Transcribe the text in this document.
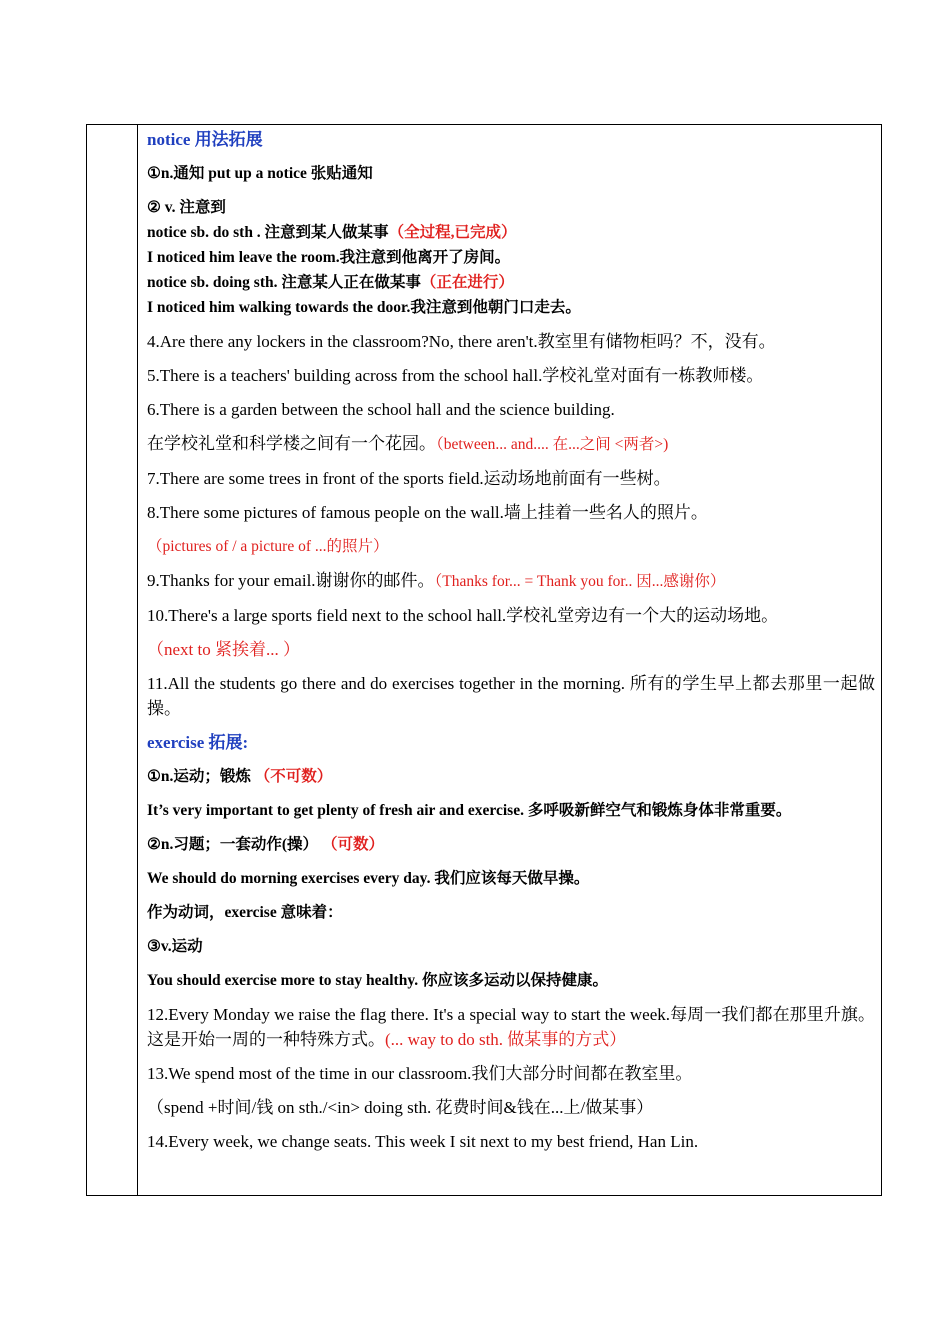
notice 用法拓展

①n.通知 put up a notice 张贴通知

② v. 注意到

notice sb. do sth . 注意到某人做某事（全过程,已完成）

I noticed him leave the room.我注意到他离开了房间。

notice sb. doing sth. 注意某人正在做某事（正在进行）

I noticed him walking towards the door.我注意到他朝门口走去。

4.Are there any lockers in the classroom?No, there aren't.教室里有储物柜吗？不，没有。

5.There is a teachers' building across from the school hall.学校礼堂对面有一栋教师楼。

6.There is a garden between the school hall and the science building.

在学校礼堂和科学楼之间有一个花园。（between... and.... 在...之间 <两者>)

7.There are some trees in front of the sports field.运动场地前面有一些树。

8.There some pictures of famous people on the wall.墙上挂着一些名人的照片。

（pictures of / a picture of ...的照片）

9.Thanks for your email.谢谢你的邮件。（Thanks for... = Thank you for.. 因...感谢你）

10.There's a large sports field next to the school hall.学校礼堂旁边有一个大的运动场地。

（next to 紧挨着... ）

11.All the students go there and do exercises together in the morning. 所有的学生早上都去那里一起做操。

exercise 拓展:

①n.运动；锻炼 （不可数）

It’s very important to get plenty of fresh air and exercise. 多呼吸新鲜空气和锻炼身体非常重要。

②n.习题；一套动作(操） （可数）

We should do morning exercises every day. 我们应该每天做早操。

作为动词，exercise 意味着：

③v.运动

You should exercise more to stay healthy. 你应该多运动以保持健康。

12.Every Monday we raise the flag there. It's a special way to start the week.每周一我们都在那里升旗。这是开始一周的一种特殊方式。(... way to do sth. 做某事的方式）

13.We spend most of the time in our classroom.我们大部分时间都在教室里。

（spend +时间/钱 on sth./<in> doing sth. 花费时间&钱在...上/做某事）

14.Every week, we change seats. This week I sit next to my best friend, Han Lin.
